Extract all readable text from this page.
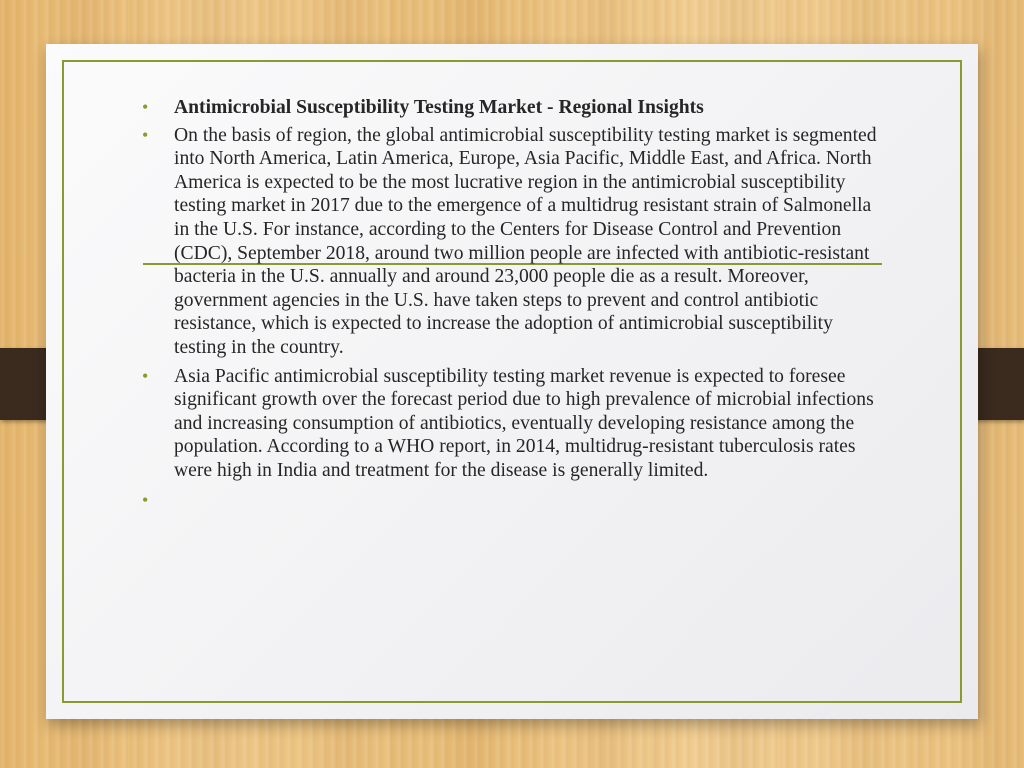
• Antimicrobial Susceptibility Testing Market - Regional Insights
• On the basis of region, the global antimicrobial susceptibility testing market is segmented into North America, Latin America, Europe, Asia Pacific, Middle East, and Africa. North America is expected to be the most lucrative region in the antimicrobial susceptibility testing market in 2017 due to the emergence of a multidrug resistant strain of Salmonella in the U.S. For instance, according to the Centers for Disease Control and Prevention (CDC), September 2018, around two million people are infected with antibiotic-resistant bacteria in the U.S. annually and around 23,000 people die as a result. Moreover, government agencies in the U.S. have taken steps to prevent and control antibiotic resistance, which is expected to increase the adoption of antimicrobial susceptibility testing in the country.
• Asia Pacific antimicrobial susceptibility testing market revenue is expected to foresee significant growth over the forecast period due to high prevalence of microbial infections and increasing consumption of antibiotics, eventually developing resistance among the population. According to a WHO report, in 2014, multidrug-resistant tuberculosis rates were high in India and treatment for the disease is generally limited.
•
